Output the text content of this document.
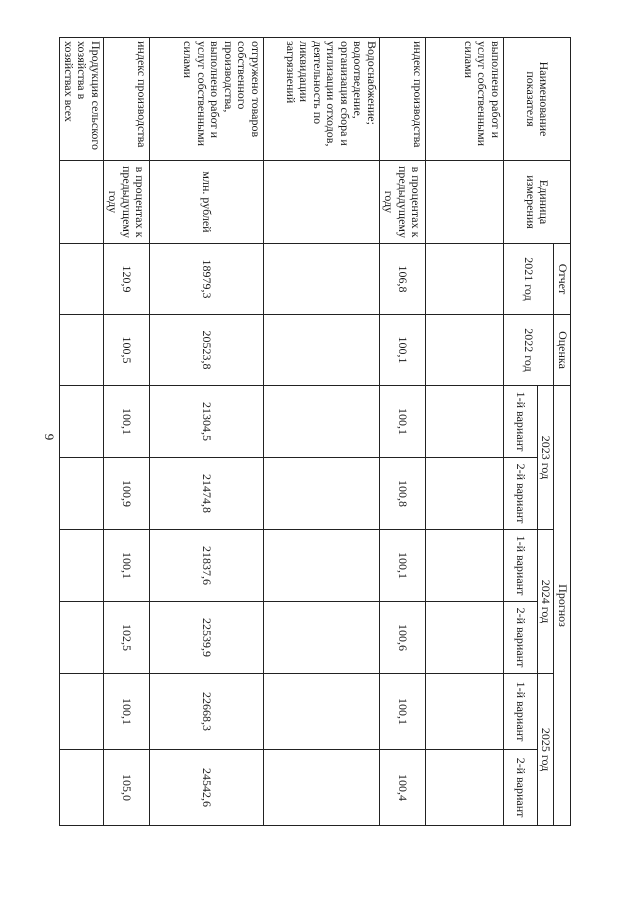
9
Наименование показателя	Единица измерения	Отчет	Оценка	Прогноз					
		2021 год	2022 год	2023 год		2024 год		2025 год	
				1-й вариант	2-й вариант	1-й вариант	2-й вариант	1-й вариант	2-й вариант
выполнено работ и услуг собственными силами									
индекс производства	в процентах к предыдущему году	106,8	100,1	100,1	100,8	100,1	100,6	100,1	100,4
Водоснабжение; водоотведение, организация сбора и утилизации отходов, деятельность по ликвидации загрязнений									
отгружено товаров собственного производства, выполнено работ и услуг собственными силами	млн. рублей	18979,3	20523,8	21304,5	21474,8	21837,6	22539,9	22668,3	24542,6
индекс производства	в процентах к предыдущему году	120,9	100,5	100,1	100,9	100,1	102,5	100,1	105,0
Продукция сельского хозяйства в хозяйствах всех									
